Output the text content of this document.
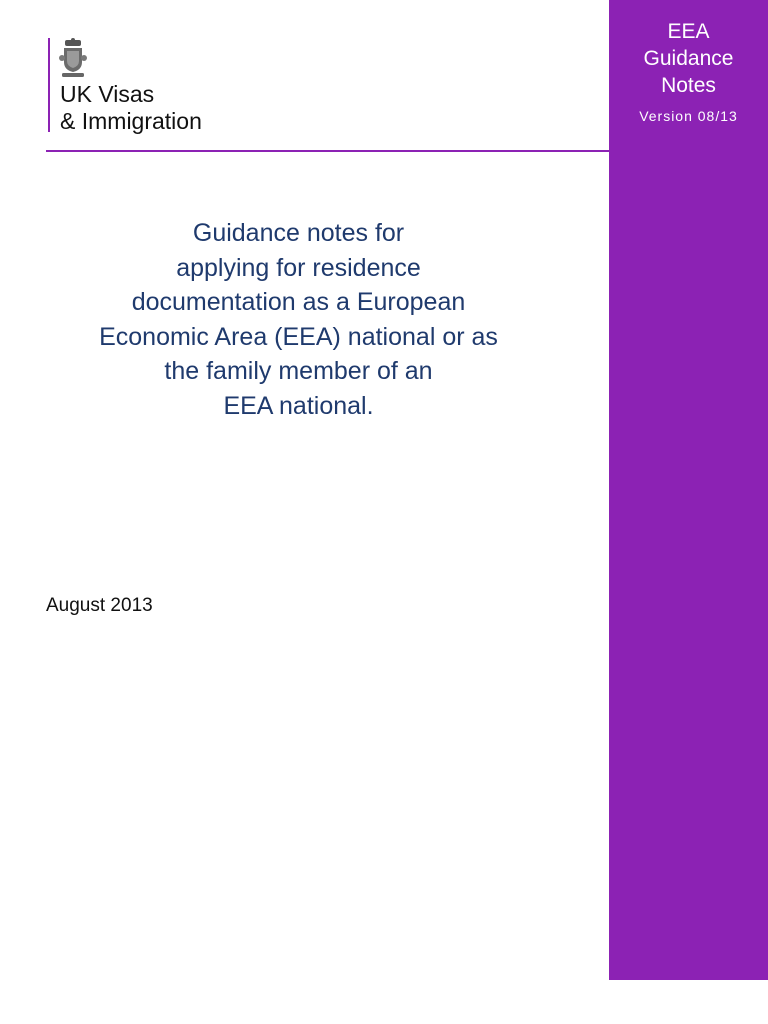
UK Visas
& Immigration
EEA
Guidance
Notes
Version 08/13
Guidance notes for
applying for residence
documentation as a European
Economic Area (EEA) national or as
the family member of an
EEA national.
August 2013
